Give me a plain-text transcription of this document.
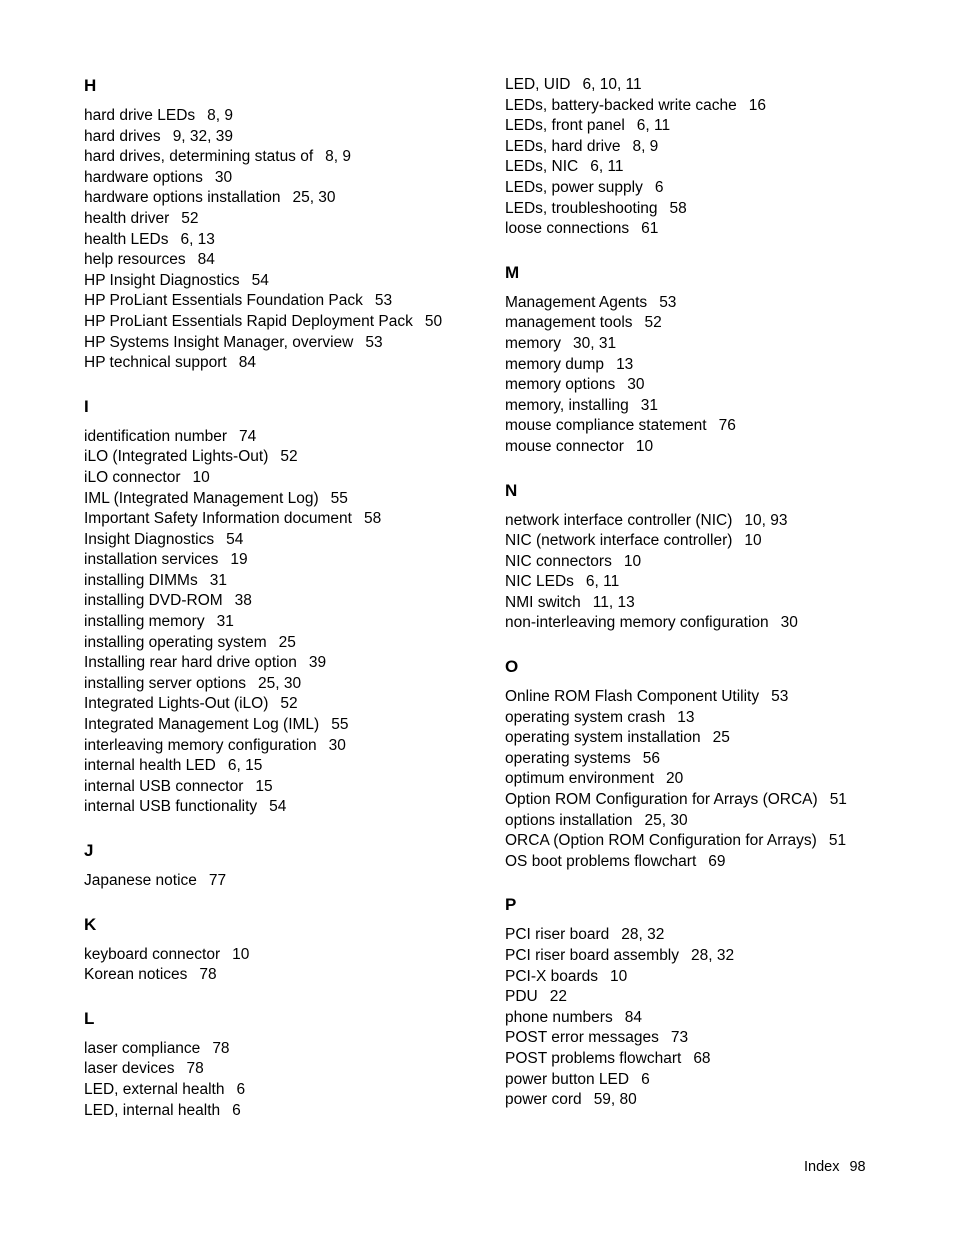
H
hard drive LEDs 8, 9
hard drives 9, 32, 39
hard drives, determining status of 8, 9
hardware options 30
hardware options installation 25, 30
health driver 52
health LEDs 6, 13
help resources 84
HP Insight Diagnostics 54
HP ProLiant Essentials Foundation Pack 53
HP ProLiant Essentials Rapid Deployment Pack 50
HP Systems Insight Manager, overview 53
HP technical support 84
I
identification number 74
iLO (Integrated Lights-Out) 52
iLO connector 10
IML (Integrated Management Log) 55
Important Safety Information document 58
Insight Diagnostics 54
installation services 19
installing DIMMs 31
installing DVD-ROM 38
installing memory 31
installing operating system 25
Installing rear hard drive option 39
installing server options 25, 30
Integrated Lights-Out (iLO) 52
Integrated Management Log (IML) 55
interleaving memory configuration 30
internal health LED 6, 15
internal USB connector 15
internal USB functionality 54
J
Japanese notice 77
K
keyboard connector 10
Korean notices 78
L
laser compliance 78
laser devices 78
LED, external health 6
LED, internal health 6
LED, UID 6, 10, 11
LEDs, battery-backed write cache 16
LEDs, front panel 6, 11
LEDs, hard drive 8, 9
LEDs, NIC 6, 11
LEDs, power supply 6
LEDs, troubleshooting 58
loose connections 61
M
Management Agents 53
management tools 52
memory 30, 31
memory dump 13
memory options 30
memory, installing 31
mouse compliance statement 76
mouse connector 10
N
network interface controller (NIC) 10, 93
NIC (network interface controller) 10
NIC connectors 10
NIC LEDs 6, 11
NMI switch 11, 13
non-interleaving memory configuration 30
O
Online ROM Flash Component Utility 53
operating system crash 13
operating system installation 25
operating systems 56
optimum environment 20
Option ROM Configuration for Arrays (ORCA) 51
options installation 25, 30
ORCA (Option ROM Configuration for Arrays) 51
OS boot problems flowchart 69
P
PCI riser board 28, 32
PCI riser board assembly 28, 32
PCI-X boards 10
PDU 22
phone numbers 84
POST error messages 73
POST problems flowchart 68
power button LED 6
power cord 59, 80
Index 98
